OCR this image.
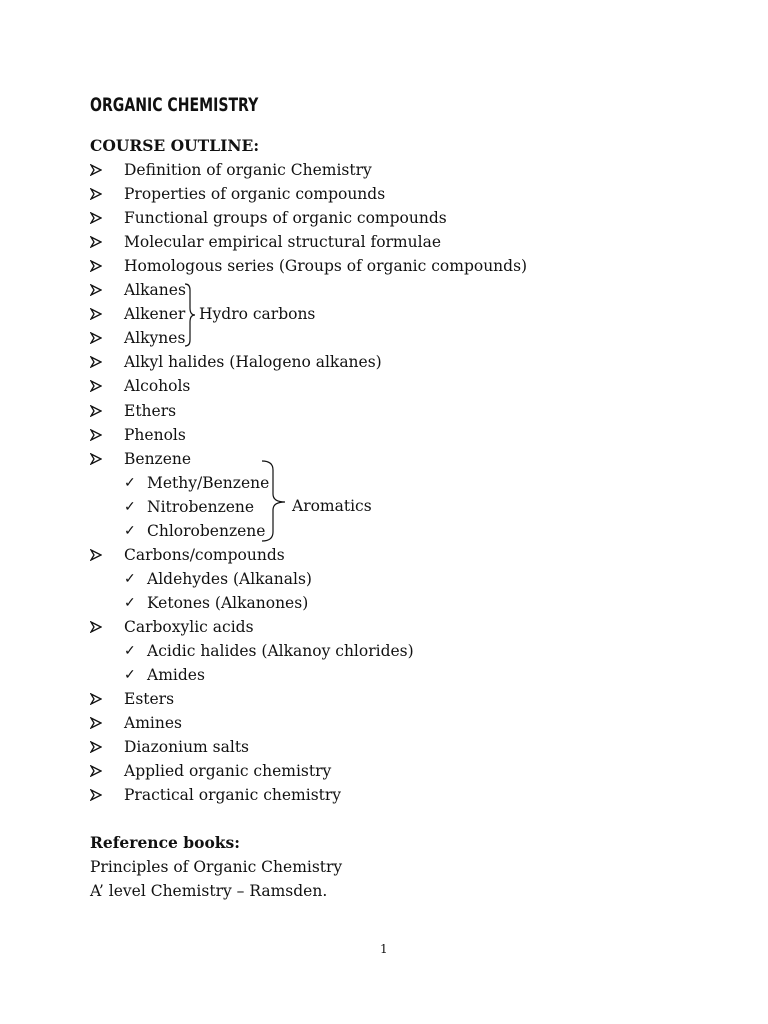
ORGANIC CHEMISTRY
COURSE OUTLINE:
Definition of organic Chemistry
Properties of organic compounds
Functional groups of organic compounds
Molecular empirical structural formulae
Homologous series (Groups of organic compounds)
Alkanes
Alkener
Alkynes
Alkyl halides (Halogeno alkanes)
Alcohols
Ethers
Phenols
Benzene
✓ Methy/Benzene
✓ Nitrobenzene
✓ Chlorobenzene
Carbons/compounds
✓ Aldehydes (Alkanals)
✓ Ketones (Alkanones)
Carboxylic acids
✓ Acidic halides (Alkanoy chlorides)
✓ Amides
Esters
Amines
Diazonium salts
Applied organic chemistry
Practical organic chemistry
Hydro carbons
Aromatics
Reference books:
Principles of Organic Chemistry
A’ level Chemistry – Ramsden.
1
